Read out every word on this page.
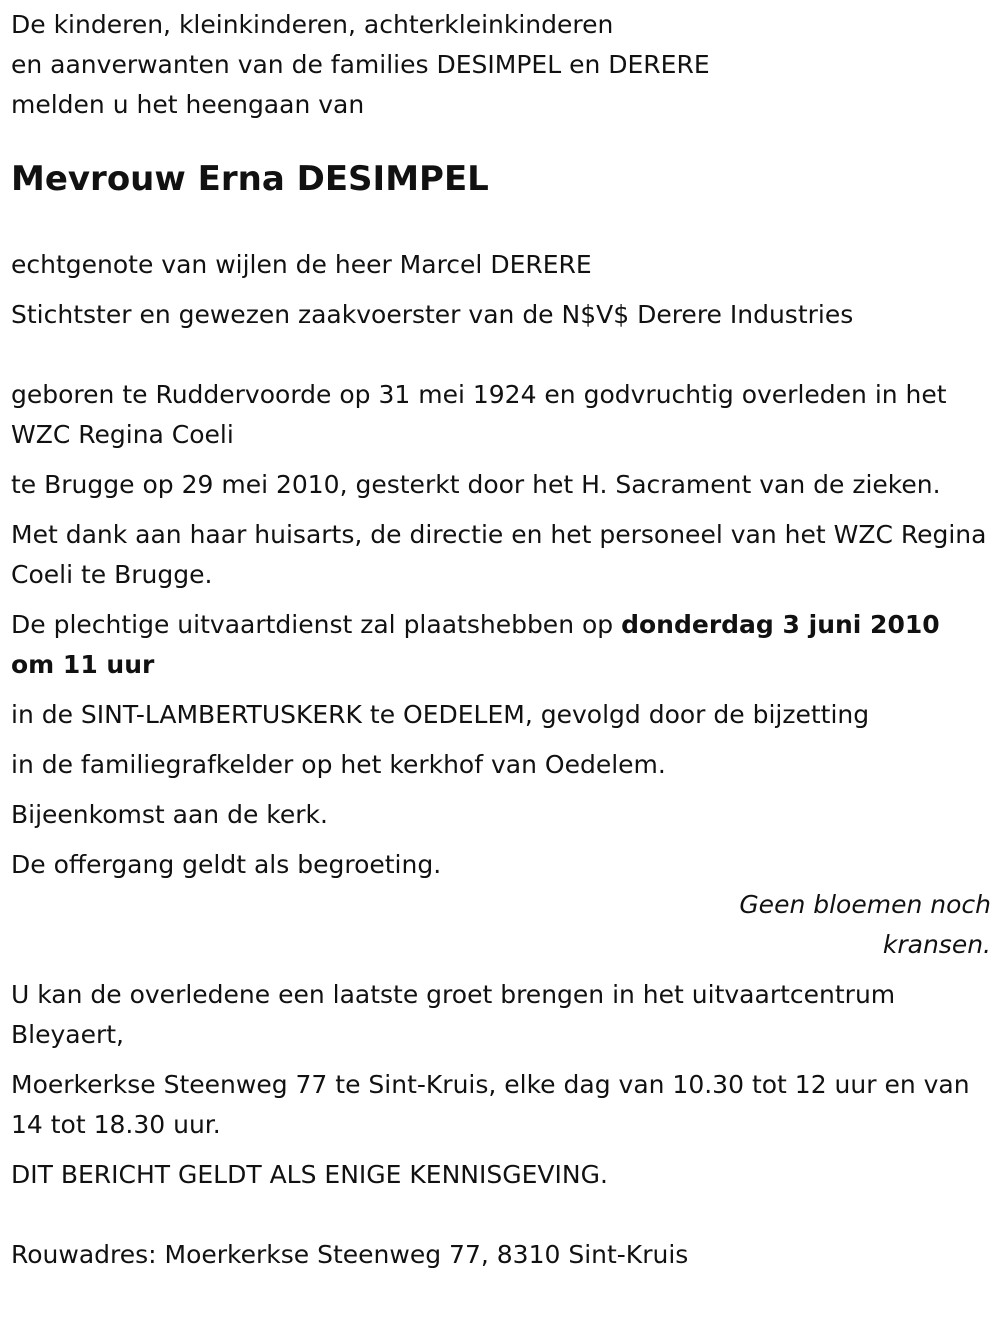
De kinderen, kleinkinderen, achterkleinkinderen

en aanverwanten van de families DESIMPEL en DERERE

melden u het heengaan van

Mevrouw Erna DESIMPEL

echtgenote van wijlen de heer Marcel DERERE

Stichtster en gewezen zaakvoerster van de N$V$ Derere Industries

geboren te Ruddervoorde op 31 mei 1924 en godvruchtig overleden in het WZC Regina Coeli

te Brugge op 29 mei 2010, gesterkt door het H. Sacrament van de zieken.

Met dank aan haar huisarts, de directie en het personeel van het WZC Regina Coeli te Brugge.

De plechtige uitvaartdienst zal plaatshebben op donderdag 3 juni 2010 om 11 uur

in de SINT-LAMBERTUSKERK te OEDELEM, gevolgd door de bijzetting

in de familiegrafkelder op het kerkhof van Oedelem.

Bijeenkomst aan de kerk.

De offergang geldt als begroeting.

Geen bloemen noch kransen.

U kan de overledene een laatste groet brengen in het uitvaartcentrum Bleyaert,

Moerkerkse Steenweg 77 te Sint-Kruis, elke dag van 10.30 tot 12 uur en van 14 tot 18.30 uur.

DIT BERICHT GELDT ALS ENIGE KENNISGEVING.

Rouwadres: Moerkerkse Steenweg 77, 8310 Sint-Kruis
